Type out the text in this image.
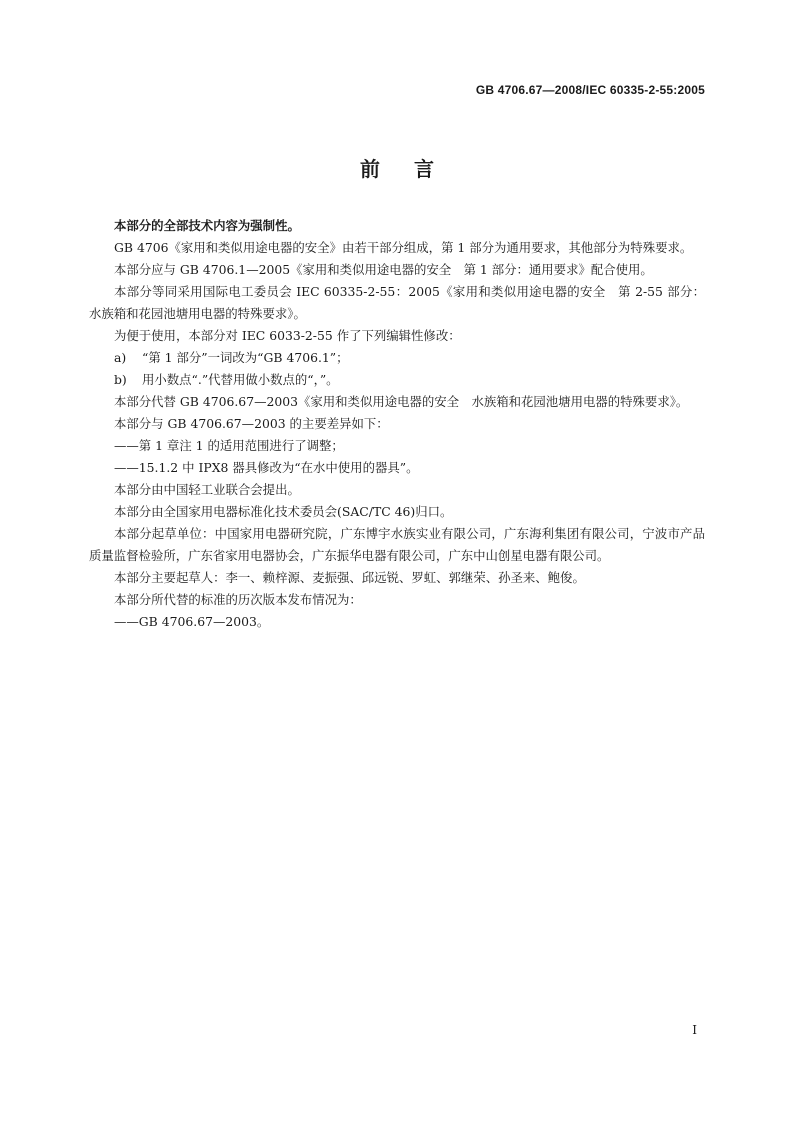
GB 4706.67—2008/IEC 60335-2-55:2005
前言

本部分的全部技术内容为强制性。

GB 4706《家用和类似用途电器的安全》由若干部分组成，第 1 部分为通用要求，其他部分为特殊要求。

本部分应与 GB 4706.1—2005《家用和类似用途电器的安全　第 1 部分：通用要求》配合使用。

本部分等同采用国际电工委员会 IEC 60335-2-55：2005《家用和类似用途电器的安全　第 2-55 部分：水族箱和花园池塘用电器的特殊要求》。

为便于使用，本部分对 IEC 6033-2-55 作了下列编辑性修改：

a) “第 1 部分”一词改为“GB 4706.1”；

b) 用小数点“.”代替用做小数点的“，”。

本部分代替 GB 4706.67—2003《家用和类似用途电器的安全　水族箱和花园池塘用电器的特殊要求》。

本部分与 GB 4706.67—2003 的主要差异如下：

——第 1 章注 1 的适用范围进行了调整；

——15.1.2 中 IPX8 器具修改为“在水中使用的器具”。

本部分由中国轻工业联合会提出。

本部分由全国家用电器标准化技术委员会(SAC/TC 46)归口。

本部分起草单位：中国家用电器研究院，广东博宇水族实业有限公司，广东海利集团有限公司，宁波市产品质量监督检验所，广东省家用电器协会，广东振华电器有限公司，广东中山创星电器有限公司。

本部分主要起草人：李一、赖梓源、麦振强、邱远锐、罗虹、郭继荣、孙圣来、鲍俊。

本部分所代替的标准的历次版本发布情况为：

——GB 4706.67—2003。

I
